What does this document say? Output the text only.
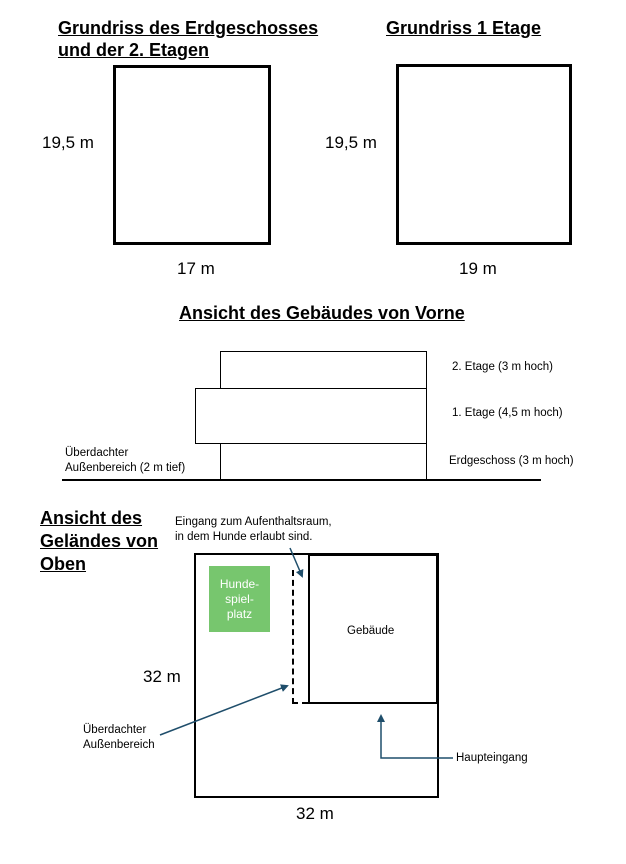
Grundriss des Erdgeschosses
und der 2. Etagen
19,5 m
17 m
Grundriss 1 Etage
19,5 m
19 m
Ansicht des Gebäudes von Vorne
2. Etage (3 m hoch)
1. Etage (4,5 m hoch)
Erdgeschoss (3 m hoch)
Überdachter
Außenbereich (2 m tief)
Ansicht des
Geländes von
Oben
Eingang zum Aufenthaltsraum,
in dem Hunde erlaubt sind.
Gebäude
Hunde-
spiel-
platz
32 m
32 m
Überdachter
Außenbereich
Haupteingang
